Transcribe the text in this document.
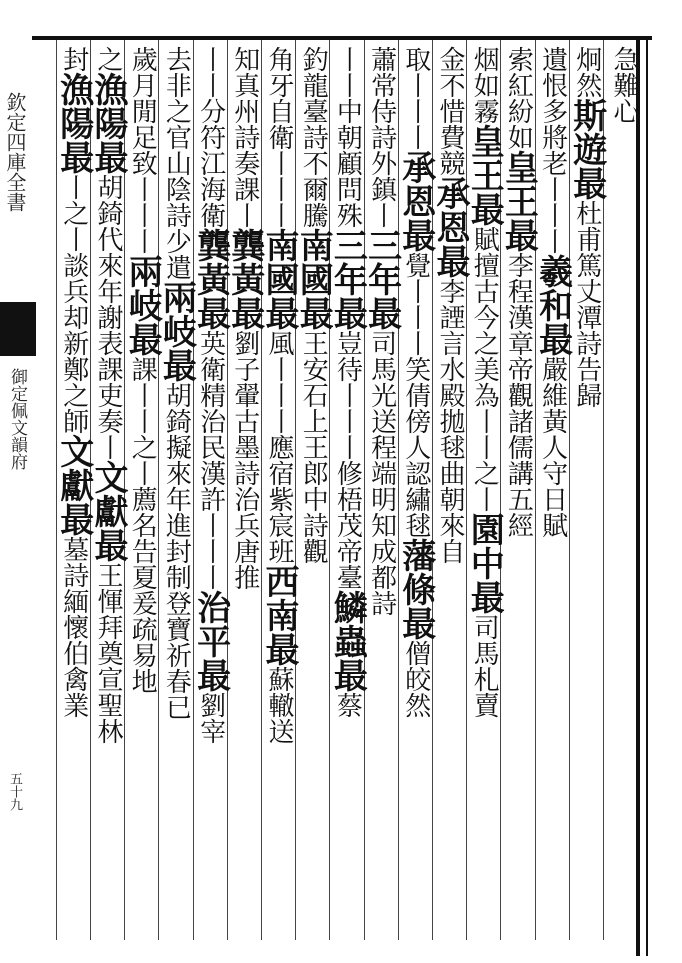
欽定四庫全書
御定佩文韻府
五十九
急難心
炯然斯遊最杜甫篤丈潭詩告歸
遺恨多將老丨丨丨羲和最嚴維黃人守日賦
索紅紛如皇王最李程漢章帝觀諸儒講五經
烟如霧皇王最賦擅古今之美為丨丨之丨園中最司馬札賣
金不惜費競承恩最李諲言水殿拋毬曲朝來自
取丨丨丨承恩最覺丨丨丨笑倩傍人認繡毬藩條最僧皎然
蕭常侍詩外鎮丨三年最司馬光送程端明知成都詩
丨丨中朝顧問殊三年最豈待丨丨丨修梧茂帝臺鱗蟲最蔡
釣龍臺詩不爾騰南國最王安石上王郎中詩觀
角牙自衛丨丨丨南國最風丨丨丨應宿紫宸班西南最蘇轍送
知真州詩奏課丨龔黃最劉子翬古墨詩治兵唐推
丨丨分符江海衛龔黃最英衛精治民漢許丨丨丨治平最劉宰
去非之官山陰詩少遣兩岐最胡錡擬來年進封制登寶祈春已
歲月閒足致丨丨丨兩岐最課丨丨之丨薦名告夏爰疏易地
之漁陽最胡錡代來年謝表課吏奏丨文獻最王惲拜奠宣聖林
封漁陽最丨之丨談兵却新鄭之師文獻最墓詩緬懷伯禽業
